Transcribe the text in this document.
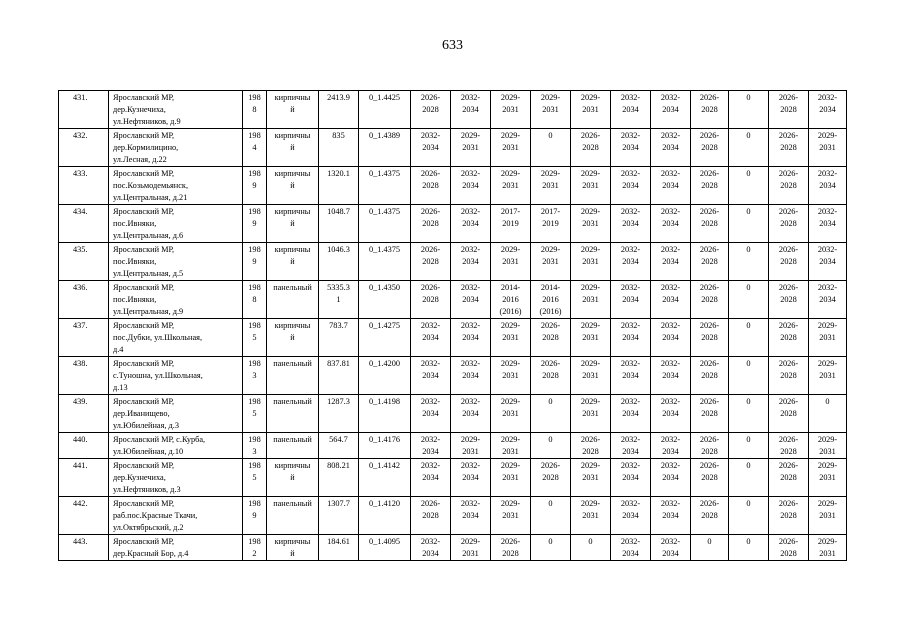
633
431.	Ярославский МР,
дер.Кузнечиха,
ул.Нефтяников, д.9	198
8	кирпичны
й	2413.9	0_1.4425	2026-
2028	2032-
2034	2029-
2031	2029-
2031	2029-
2031	2032-
2034	2032-
2034	2026-
2028	0	2026-
2028	2032-
2034

432.	Ярославский МР,
дер.Кормилицино,
ул.Лесная, д.22	198
4	кирпичны
й	835	0_1.4389	2032-
2034	2029-
2031	2029-
2031	0	2026-
2028	2032-
2034	2032-
2034	2026-
2028	0	2026-
2028	2029-
2031

433.	Ярославский МР,
пос.Козьмодемьянск,
ул.Центральная, д.21	198
9	кирпичны
й	1320.1	0_1.4375	2026-
2028	2032-
2034	2029-
2031	2029-
2031	2029-
2031	2032-
2034	2032-
2034	2026-
2028	0	2026-
2028	2032-
2034

434.	Ярославский МР,
пос.Ивняки,
ул.Центральная, д.6	198
9	кирпичны
й	1048.7	0_1.4375	2026-
2028	2032-
2034	2017-
2019	2017-
2019	2029-
2031	2032-
2034	2032-
2034	2026-
2028	0	2026-
2028	2032-
2034

435.	Ярославский МР,
пос.Ивняки,
ул.Центральная, д.5	198
9	кирпичны
й	1046.3	0_1.4375	2026-
2028	2032-
2034	2029-
2031	2029-
2031	2029-
2031	2032-
2034	2032-
2034	2026-
2028	0	2026-
2028	2032-
2034

436.	Ярославский МР,
пос.Ивняки,
ул.Центральная, д.9	198
8	панельный	5335.3
1	0_1.4350	2026-
2028	2032-
2034	2014-
2016
(2016)	2014-
2016
(2016)	2029-
2031	2032-
2034	2032-
2034	2026-
2028	0	2026-
2028	2032-
2034

437.	Ярославский МР,
пос.Дубки, ул.Школьная,
д.4	198
5	кирпичны
й	783.7	0_1.4275	2032-
2034	2032-
2034	2029-
2031	2026-
2028	2029-
2031	2032-
2034	2032-
2034	2026-
2028	0	2026-
2028	2029-
2031

438.	Ярославский МР,
с.Туношна, ул.Школьная,
д.13	198
3	панельный	837.81	0_1.4200	2032-
2034	2032-
2034	2029-
2031	2026-
2028	2029-
2031	2032-
2034	2032-
2034	2026-
2028	0	2026-
2028	2029-
2031

439.	Ярославский МР,
дер.Иванищево,
ул.Юбилейная, д.3	198
5	панельный	1287.3	0_1.4198	2032-
2034	2032-
2034	2029-
2031	0	2029-
2031	2032-
2034	2032-
2034	2026-
2028	0	2026-
2028	0

440.	Ярославский МР, с.Курба,
ул.Юбилейная, д.10	198
3	панельный	564.7	0_1.4176	2032-
2034	2029-
2031	2029-
2031	0	2026-
2028	2032-
2034	2032-
2034	2026-
2028	0	2026-
2028	2029-
2031

441.	Ярославский МР,
дер.Кузнечиха,
ул.Нефтяников, д.3	198
5	кирпичны
й	808.21	0_1.4142	2032-
2034	2032-
2034	2029-
2031	2026-
2028	2029-
2031	2032-
2034	2032-
2034	2026-
2028	0	2026-
2028	2029-
2031

442.	Ярославский МР,
раб.пос.Красные Ткачи,
ул.Октябрьский, д.2	198
9	панельный	1307.7	0_1.4120	2026-
2028	2032-
2034	2029-
2031	0	2029-
2031	2032-
2034	2032-
2034	2026-
2028	0	2026-
2028	2029-
2031

443.	Ярославский МР,
дер.Красный Бор, д.4	198
2	кирпичны
й	184.61	0_1.4095	2032-
2034	2029-
2031	2026-
2028	0	0	2032-
2034	2032-
2034	0	0	2026-
2028	2029-
2031
